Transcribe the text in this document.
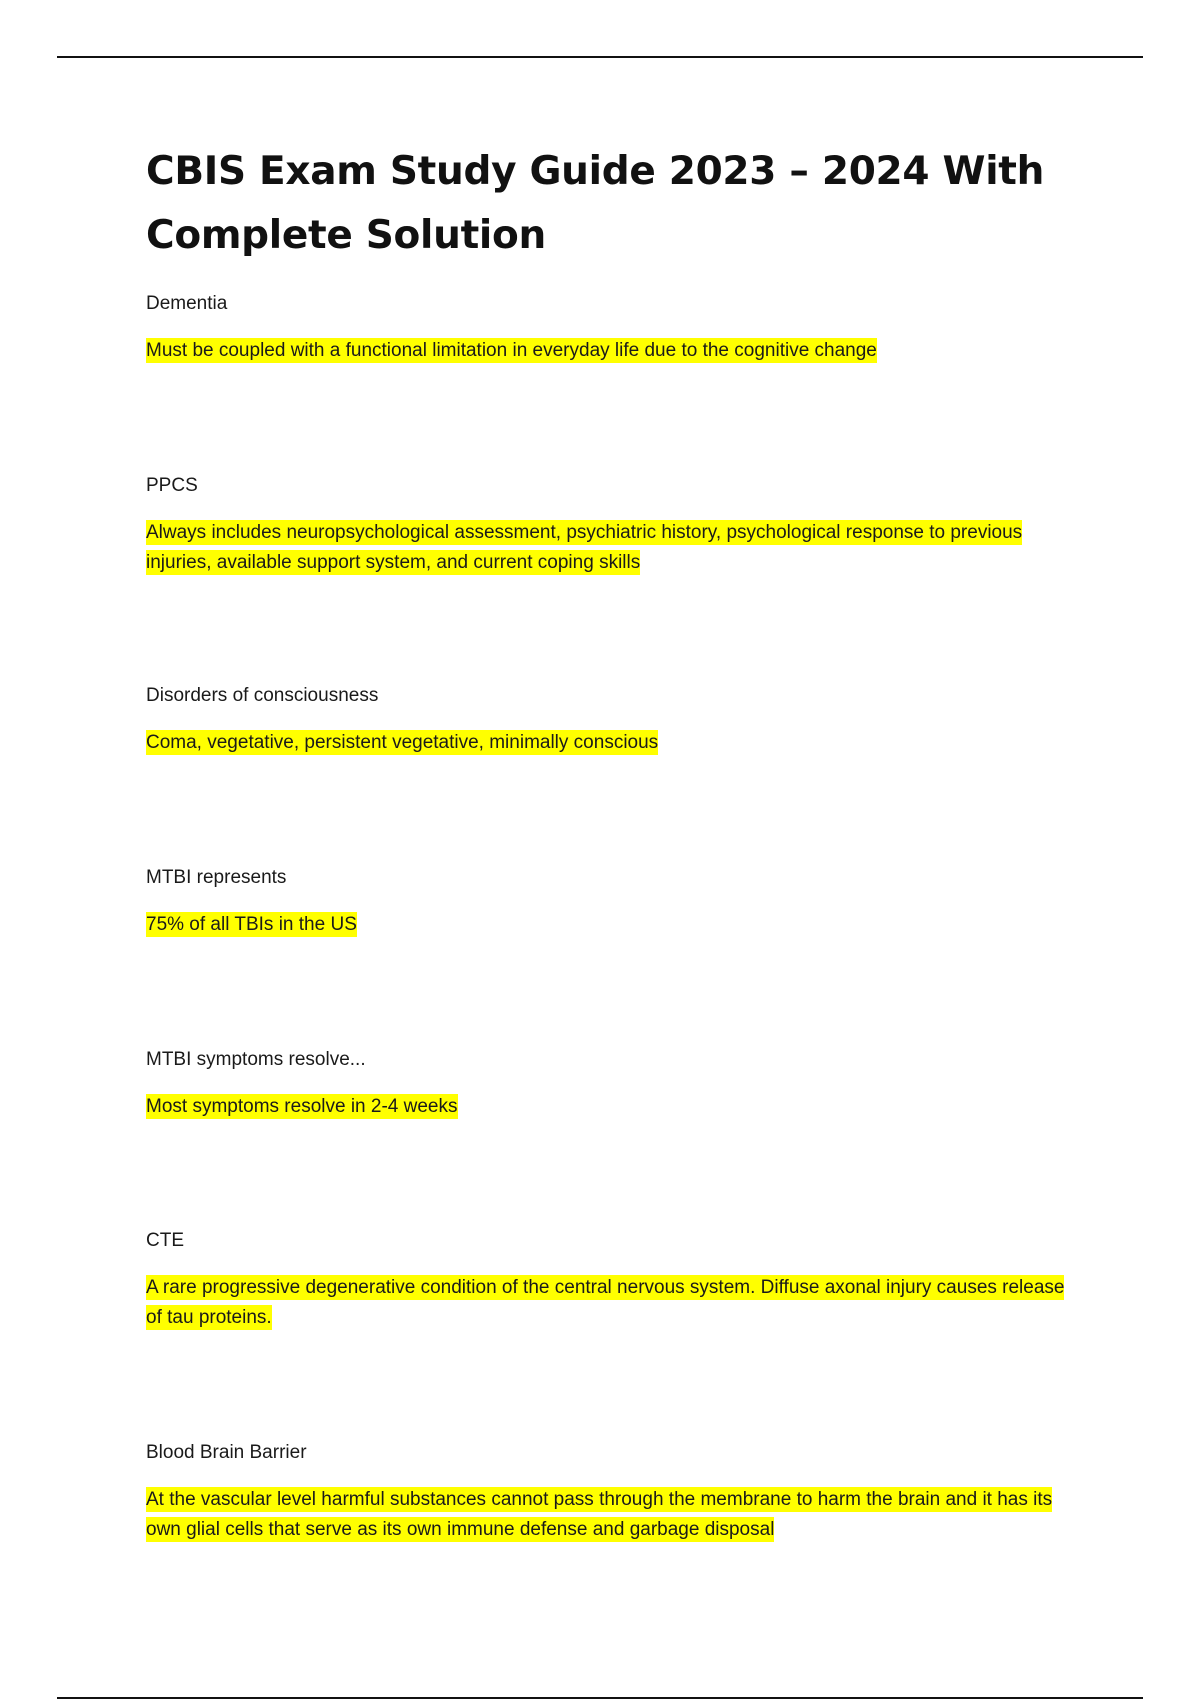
CBIS Exam Study Guide 2023 – 2024 With Complete Solution

Dementia

Must be coupled with a functional limitation in everyday life due to the cognitive change

PPCS

Always includes neuropsychological assessment, psychiatric history, psychological response to previous injuries, available support system, and current coping skills

Disorders of consciousness

Coma, vegetative, persistent vegetative, minimally conscious

MTBI represents

75% of all TBIs in the US

MTBI symptoms resolve...

Most symptoms resolve in 2-4 weeks

CTE

A rare progressive degenerative condition of the central nervous system. Diffuse axonal injury causes release of tau proteins.

Blood Brain Barrier

At the vascular level harmful substances cannot pass through the membrane to harm the brain and it has its own glial cells that serve as its own immune defense and garbage disposal
